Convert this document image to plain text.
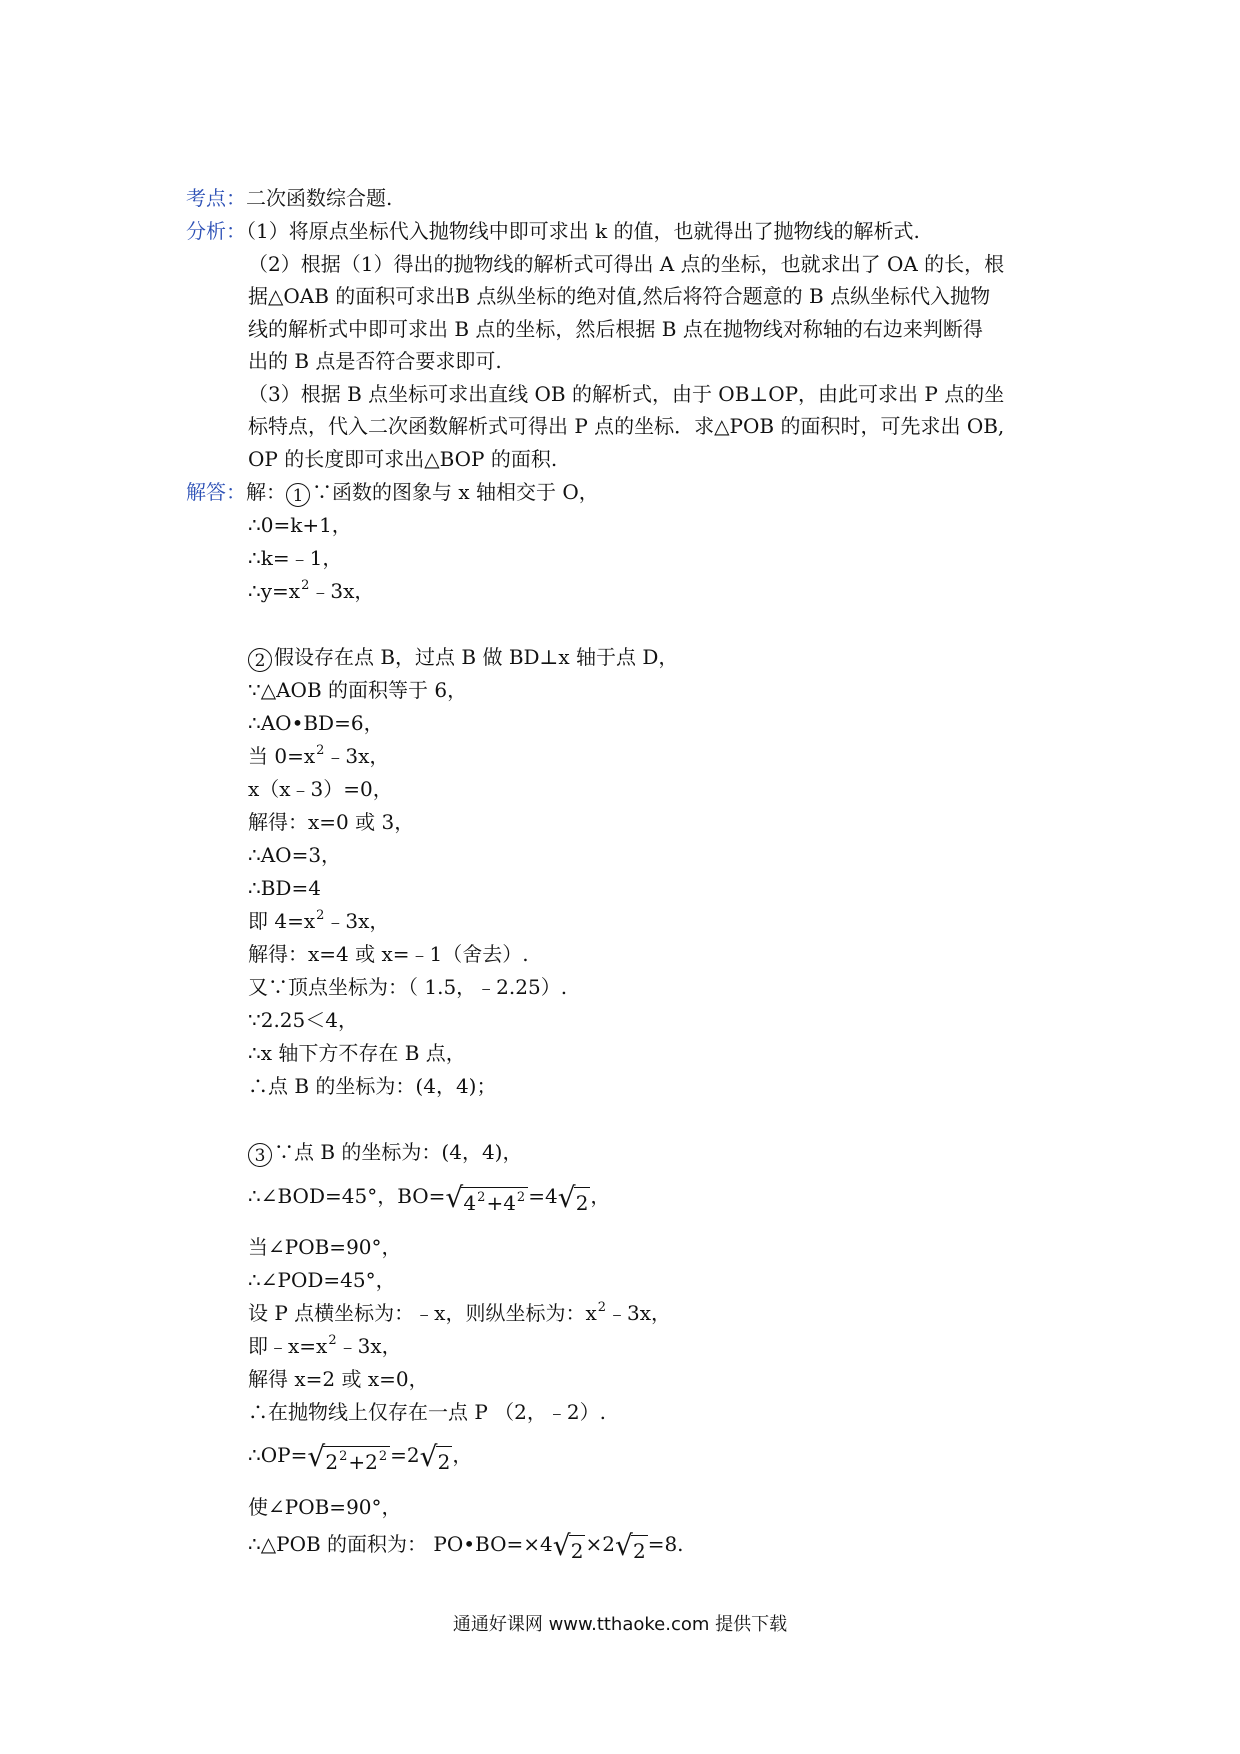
考点：二次函数综合题.
分析：（1）将原点坐标代入抛物线中即可求出 k 的值，也就得出了抛物线的解析式.
（2）根据（1）得出的抛物线的解析式可得出 A 点的坐标，也就求出了 OA 的长，根
据△OAB 的面积可求出B 点纵坐标的绝对值,然后将符合题意的 B 点纵坐标代入抛物
线的解析式中即可求出 B 点的坐标，然后根据 B 点在抛物线对称轴的右边来判断得
出的 B 点是否符合要求即可.
（3）根据 B 点坐标可求出直线 OB 的解析式，由于 OB⊥OP，由此可求出 P 点的坐
标特点，代入二次函数解析式可得出 P 点的坐标．求△POB 的面积时，可先求出 OB,
OP 的长度即可求出△BOP 的面积.
解答：解： 1 ∵函数的图象与 x 轴相交于 O，
∴0=k+1，
∴k=﹣1，
$\therefore y=x^2﹣3x$，
2 假设存在点 B，过点 B 做 BD⊥x 轴于点 D，
∵△AOB 的面积等于 6，
∴AO•BD=6，
当 $0=x^2﹣3x$，
x（x﹣3）=0，
解得：x=0 或 3，
∴AO=3，
∴BD=4
即 $4=x^2﹣3x$，
解得：x=4 或 x=﹣1（舍去）.
又∵顶点坐标为：（ 1.5，﹣2.25）.
∵2.25＜4，
∴x 轴下方不存在 B 点，
∴点 B 的坐标为：(4，4)；
3 ∵点 B 的坐标为：(4，4)，
∴∠BOD=45°，BO= √ $4^2+4^2 =4$ √ 2 ，
当∠POB=90°，
∴∠POD=45°，
设 P 点横坐标为：﹣x，则纵坐标为：$x^2﹣3x$，
即$﹣x=x^2﹣3x$，
解得 x=2 或 x=0，
∴在抛物线上仅存在一点 P （2，﹣2）.
∴OP= √ $2^2+2^2 =2$ √ 2 ，
使∠POB=90°，
∴△POB 的面积为： PO•BO=×4 √ 2 ×2 √ 2 =8.
通通好课网 www.tthaoke.com 提供下载
